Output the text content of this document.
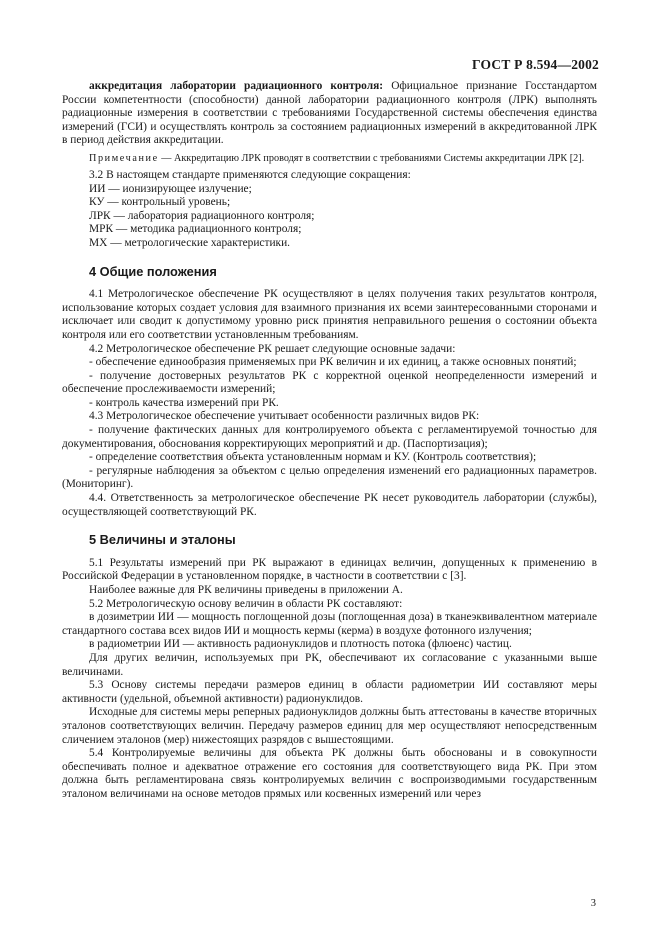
ГОСТ Р 8.594—2002

аккредитация лаборатории радиационного контроля: Официальное признание Госстандартом России компетентности (способности) данной лаборатории радиационного контроля (ЛРК) выполнять радиационные измерения в соответствии с требованиями Государственной системы обеспечения единства измерений (ГСИ) и осуществлять контроль за состоянием радиационных измерений в аккредитованной ЛРК в период действия аккредитации.

Примечание — Аккредитацию ЛРК проводят в соответствии с требованиями Системы аккредитации ЛРК [2].

3.2 В настоящем стандарте применяются следующие сокращения:

ИИ — ионизирующее излучение;
КУ — контрольный уровень;
ЛРК — лаборатория радиационного контроля;
МРК — методика радиационного контроля;
МХ — метрологические характеристики.
4 Общие положения

4.1 Метрологическое обеспечение РК осуществляют в целях получения таких результатов контроля, использование которых создает условия для взаимного признания их всеми заинтересованными сторонами и исключает или сводит к допустимому уровню риск принятия неправильного решения о состоянии объекта контроля или его соответствии установленным требованиям.

4.2 Метрологическое обеспечение РК решает следующие основные задачи:

- обеспечение единообразия применяемых при РК величин и их единиц, а также основных понятий;

- получение достоверных результатов РК с корректной оценкой неопределенности измерений и обеспечение прослеживаемости измерений;

- контроль качества измерений при РК.

4.3 Метрологическое обеспечение учитывает особенности различных видов РК:

- получение фактических данных для контролируемого объекта с регламентируемой точностью для документирования, обоснования корректирующих мероприятий и др. (Паспортизация);

- определение соответствия объекта установленным нормам и КУ. (Контроль соответствия);

- регулярные наблюдения за объектом с целью определения изменений его радиационных параметров. (Мониторинг).

4.4. Ответственность за метрологическое обеспечение РК несет руководитель лаборатории (службы), осуществляющей соответствующий РК.

5 Величины и эталоны

5.1 Результаты измерений при РК выражают в единицах величин, допущенных к применению в Российской Федерации в установленном порядке, в частности в соответствии с [3].

Наиболее важные для РК величины приведены в приложении А.

5.2 Метрологическую основу величин в области РК составляют:

в дозиметрии ИИ — мощность поглощенной дозы (поглощенная доза) в тканеэквивалентном материале стандартного состава всех видов ИИ и мощность кермы (керма) в воздухе фотонного излучения;

в радиометрии ИИ — активность радионуклидов и плотность потока (флюенс) частиц.

Для других величин, используемых при РК, обеспечивают их согласование с указанными выше величинами.

5.3 Основу системы передачи размеров единиц в области радиометрии ИИ составляют меры активности (удельной, объемной активности) радионуклидов.

Исходные для системы меры реперных радионуклидов должны быть аттестованы в качестве вторичных эталонов соответствующих величин. Передачу размеров единиц для мер осуществляют непосредственным сличением эталонов (мер) нижестоящих разрядов с вышестоящими.

5.4 Контролируемые величины для объекта РК должны быть обоснованы и в совокупности обеспечивать полное и адекватное отражение его состояния для соответствующего вида РК. При этом должна быть регламентирована связь контролируемых величин с воспроизводимыми государственным эталоном величинами на основе методов прямых или косвенных измерений или через

3
